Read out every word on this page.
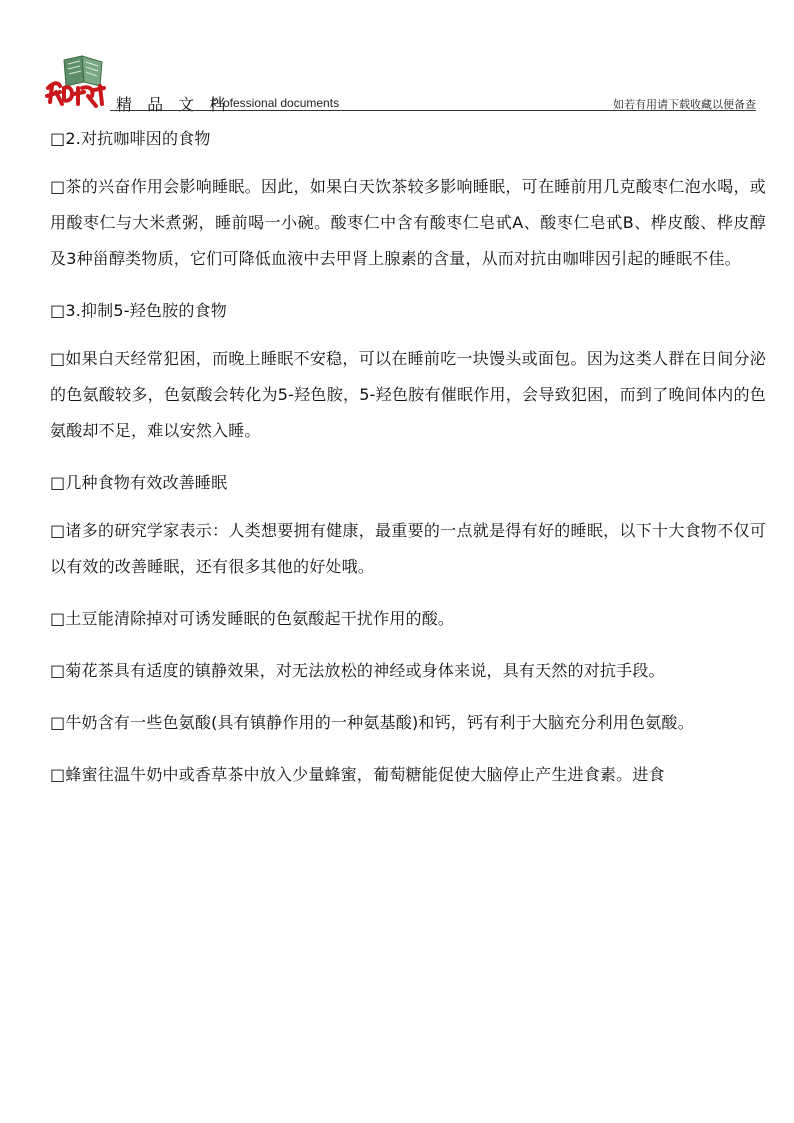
精 品 文 档
Professional documents	如若有用请下载收藏以便备查

□2.对抗咖啡因的食物

□茶的兴奋作用会影响睡眠。因此，如果白天饮茶较多影响睡眠，可在睡前用几克酸枣仁泡水喝，或用酸枣仁与大米煮粥，睡前喝一小碗。酸枣仁中含有酸枣仁皂甙A、酸枣仁皂甙B、桦皮酸、桦皮醇及3种甾醇类物质，它们可降低血液中去甲肾上腺素的含量，从而对抗由咖啡因引起的睡眠不佳。

□3.抑制5-羟色胺的食物

□如果白天经常犯困，而晚上睡眠不安稳，可以在睡前吃一块馒头或面包。因为这类人群在日间分泌的色氨酸较多，色氨酸会转化为5-羟色胺，5-羟色胺有催眠作用，会导致犯困，而到了晚间体内的色氨酸却不足，难以安然入睡。

□几种食物有效改善睡眠

□诸多的研究学家表示：人类想要拥有健康，最重要的一点就是得有好的睡眠，以下十大食物不仅可以有效的改善睡眠，还有很多其他的好处哦。

□土豆能清除掉对可诱发睡眠的色氨酸起干扰作用的酸。

□菊花茶具有适度的镇静效果，对无法放松的神经或身体来说，具有天然的对抗手段。

□牛奶含有一些色氨酸(具有镇静作用的一种氨基酸)和钙，钙有利于大脑充分利用色氨酸。

□蜂蜜往温牛奶中或香草茶中放入少量蜂蜜，葡萄糖能促使大脑停止产生进食素。进食
